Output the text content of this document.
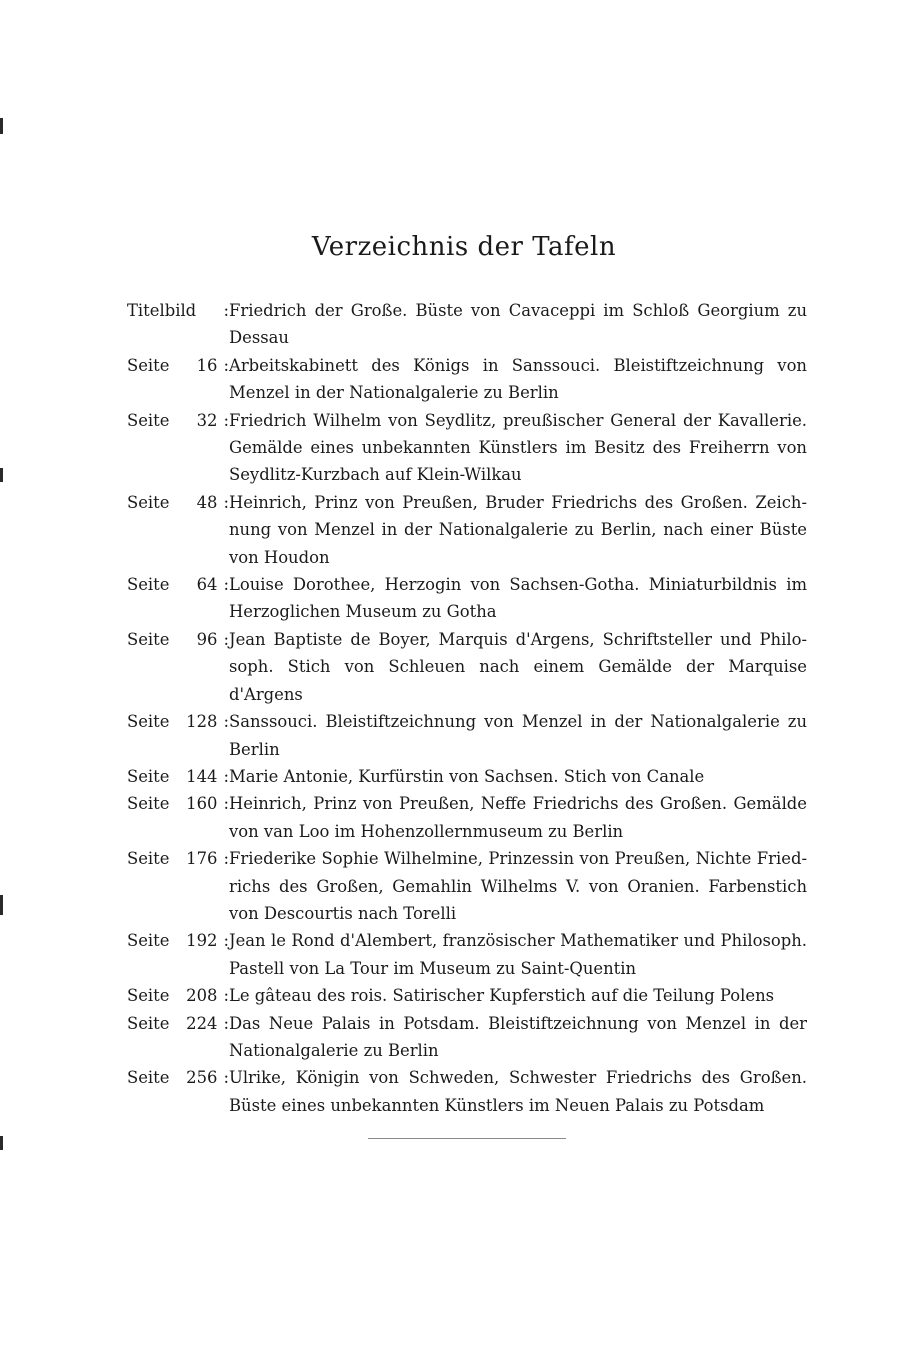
Verzeichnis der Tafeln
Titelbild : Friedrich der Große. Büste von Cavaceppi im Schloß Georgium zu Dessau
Seite	16 : Arbeitskabinett des Königs in Sanssouci. Bleistiftzeichnung von Menzel in der Nationalgalerie zu Berlin
Seite	32 : Friedrich Wilhelm von Seydlitz, preußischer General der Kavallerie. Gemälde eines unbekannten Künstlers im Besitz des Freiherrn von Seydlitz-Kurzbach auf Klein-Wilkau
Seite	48 : Heinrich, Prinz von Preußen, Bruder Friedrichs des Großen. Zeichnung von Menzel in der Nationalgalerie zu Berlin, nach einer Büste von Houdon
Seite	64 : Louise Dorothee, Herzogin von Sachsen-Gotha. Miniaturbildnis im Herzoglichen Museum zu Gotha
Seite	96 : Jean Baptiste de Boyer, Marquis d'Argens, Schriftsteller und Philosoph. Stich von Schleuen nach einem Gemälde der Marquise d'Argens
Seite	128 : Sanssouci. Bleistiftzeichnung von Menzel in der Nationalgalerie zu Berlin
Seite	144 : Marie Antonie, Kurfürstin von Sachsen. Stich von Canale
Seite	160 : Heinrich, Prinz von Preußen, Neffe Friedrichs des Großen. Gemälde von van Loo im Hohenzollernmuseum zu Berlin
Seite	176 : Friederike Sophie Wilhelmine, Prinzessin von Preußen, Nichte Friedrichs des Großen, Gemahlin Wilhelms V. von Oranien. Farbenstich von Descourtis nach Torelli
Seite	192 : Jean le Rond d'Alembert, französischer Mathematiker und Philosoph. Pastell von La Tour im Museum zu Saint-Quentin
Seite	208 : Le gâteau des rois. Satirischer Kupferstich auf die Teilung Polens
Seite	224 : Das Neue Palais in Potsdam. Bleistiftzeichnung von Menzel in der Nationalgalerie zu Berlin
Seite	256 : Ulrike, Königin von Schweden, Schwester Friedrichs des Großen. Büste eines unbekannten Künstlers im Neuen Palais zu Potsdam
